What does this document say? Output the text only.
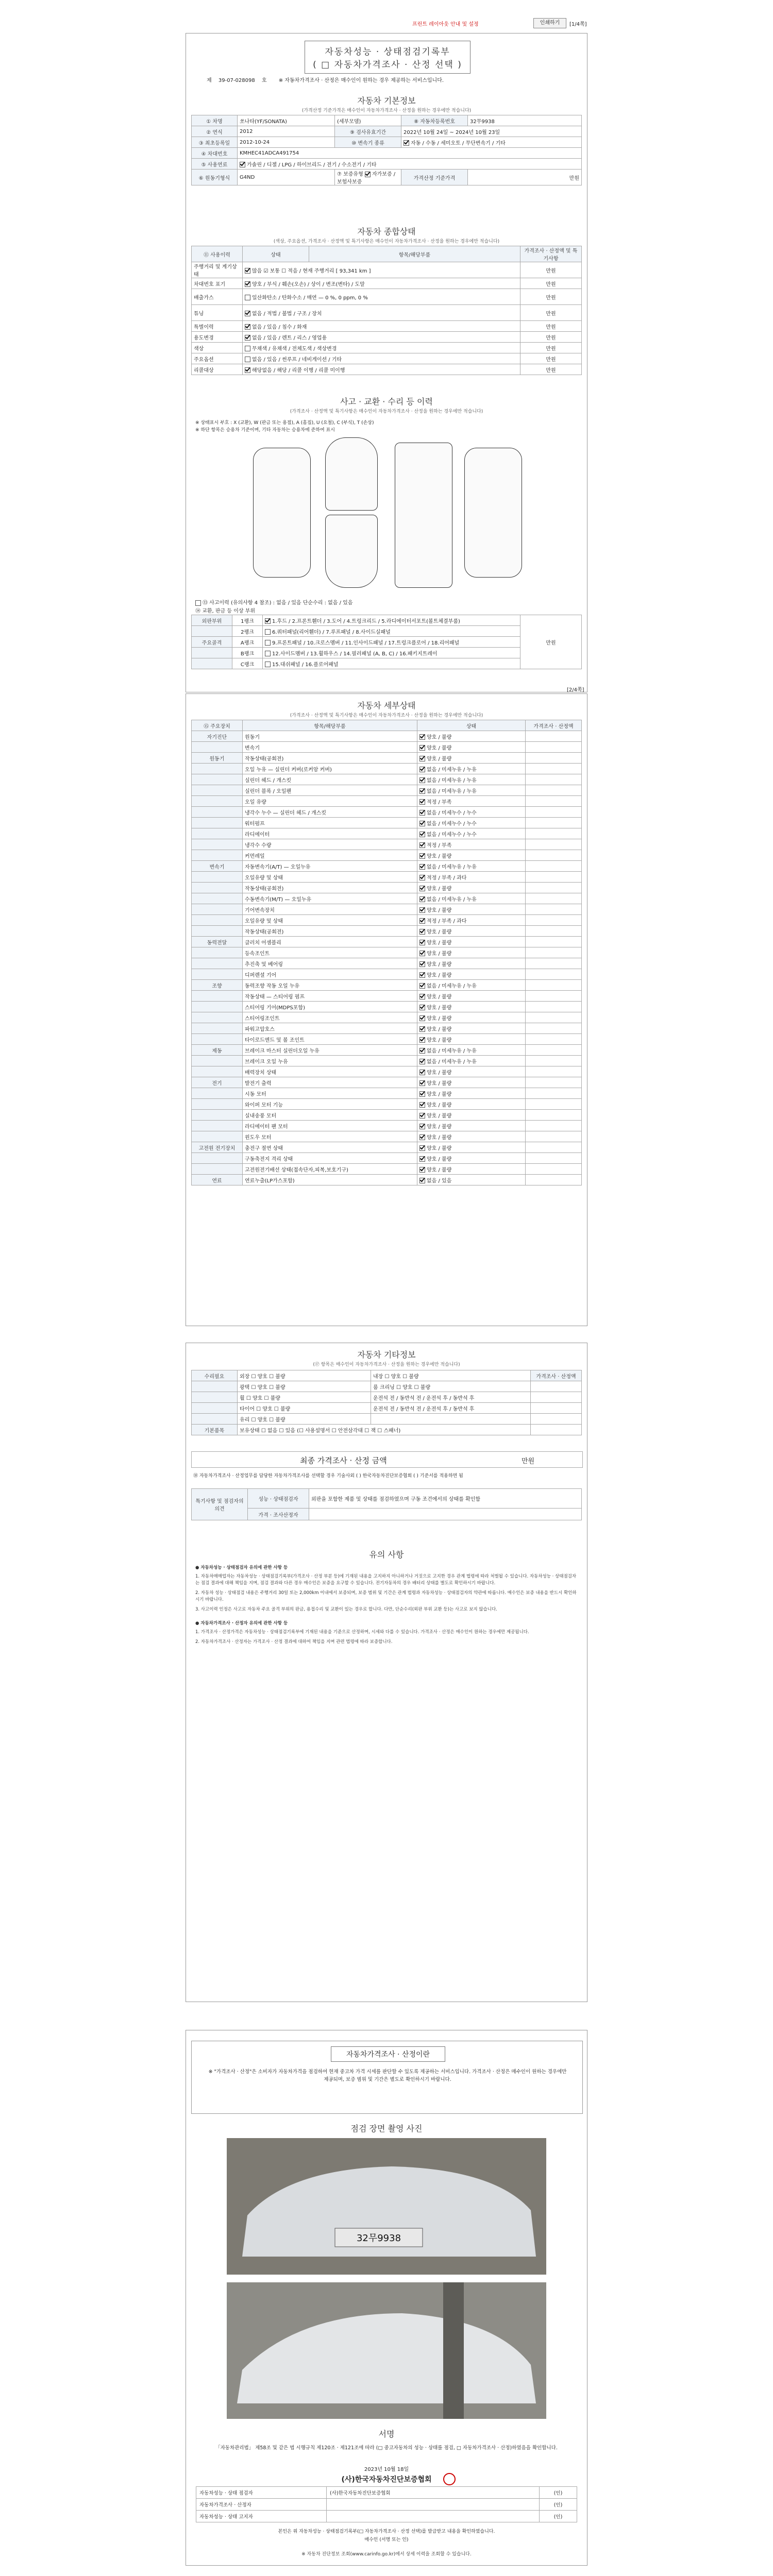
프린트 레이아웃 안내 및 설정	인쇄하기	[1/4쪽]
자동차성능 · 상태점검기록부
( □ 자동차가격조사 · 산정 선택 )
제 39-07-028098 호 ※ 자동차가격조사 · 산정은 매수인이 원하는 경우 제공하는 서비스입니다.
자동차 기본정보
(가격산정 기준가격은 매수인이 자동차가격조사 · 산정을 원하는 경우에만 적습니다)
① 차명	쏘나타(YF/SONATA)	(세부모델)	⑧ 자동차등록번호	32무9938
② 연식	2012	⑨ 검사유효기간	2022년 10월 24일 ~ 2024년 10월 23일	
③ 최초등록일	2012-10-24	⑩ 변속기 종류	자동 / 수동 / 세미오토 / 무단변속기 / 기타	
④ 차대번호	KMHEC41ADCA491754			
⑤ 사용연료	가솔린 / 디젤 / LPG / 하이브리드 / 전기 / 수소전기 / 기타			
⑥ 원동기형식	G4ND	⑦ 보증유형 자가보증 / 보험사보증	가격산정 기준가격	만원
자동차 종합상태
(색상, 주요옵션, 가격조사 · 산정액 및 특기사항은 매수인이 자동차가격조사 · 산정을 원하는 경우에만 적습니다)
⑪ 사용이력	상태	항목/해당부품	가격조사 · 산정액 및 특기사항
주행거리 및 계기상태	많음 ☑ 보통 ☐ 적음 / 현재 주행거리 [ 93,341 km ]		만원
차대번호 표기	양호 / 부식 / 훼손(오손) / 상이 / 변조(변타) / 도말		만원
배출가스	일산화탄소 / 탄화수소 / 매연 — 0 %, 0 ppm, 0 %		만원
튜닝	없음 / 적법 / 불법 / 구조 / 장치		만원
특별이력	없음 / 있음 / 침수 / 화재		만원
용도변경	없음 / 있음 / 렌트 / 리스 / 영업용		만원
색상	무채색 / 유채색 / 전체도색 / 색상변경		만원
주요옵션	없음 / 있음 / 썬루프 / 네비게이션 / 기타		만원
리콜대상	해당없음 / 해당 / 리콜 이행 / 리콜 미이행		만원
사고 · 교환 · 수리 등 이력
(가격조사 · 산정액 및 특기사항은 매수인이 자동차가격조사 · 산정을 원하는 경우에만 적습니다)
※ 상태표시 부호 : X (교환), W (판금 또는 용접), A (흠집), U (요철), C (부식), T (손상)
※ 하단 항목은 승용차 기준이며, 기타 자동차는 승용차에 준하여 표시
⑬ 사고이력 (유의사항 4 참조) : 없음 / 있음 단순수리 : 없음 / 있음
⑭ 교환, 판금 등 이상 부위
외판부위	1랭크	1.후드 / 2.프론트휀더 / 3.도어 / 4.트렁크리드 / 5.라디에이터서포트(볼트체결부품)	만원
	2랭크	6.쿼터패널(리어휀더) / 7.루프패널 / 8.사이드실패널	
주요골격	A랭크	9.프론트패널 / 10.크로스멤버 / 11.인사이드패널 / 17.트렁크플로어 / 18.리어패널	
	B랭크	12.사이드멤버 / 13.휠하우스 / 14.필러패널 (A, B, C) / 16.패키지트레이	
	C랭크	15.대쉬패널 / 16.플로어패널	
[2/4쪽]
자동차 세부상태
(가격조사 · 산정액 및 특기사항은 매수인이 자동차가격조사 · 산정을 원하는 경우에만 적습니다)
⑮ 주요장치	항목/해당부품	상태	가격조사 · 산정액
자기진단	원동기	양호 / 불량	
	변속기	양호 / 불량	
원동기	작동상태(공회전)	양호 / 불량	
	오일 누유 — 실린더 커버(로커암 커버)	없음 / 미세누유 / 누유	
	실린더 헤드 / 개스킷	없음 / 미세누유 / 누유	
	실린더 블록 / 오일팬	없음 / 미세누유 / 누유	
	오일 유량	적정 / 부족	
	냉각수 누수 — 실린더 헤드 / 개스킷	없음 / 미세누수 / 누수	
	워터펌프	없음 / 미세누수 / 누수	
	라디에이터	없음 / 미세누수 / 누수	
	냉각수 수량	적정 / 부족	
	커먼레일	양호 / 불량	
변속기	자동변속기(A/T) — 오일누유	없음 / 미세누유 / 누유	
	오일유량 및 상태	적정 / 부족 / 과다	
	작동상태(공회전)	양호 / 불량	
	수동변속기(M/T) — 오일누유	없음 / 미세누유 / 누유	
	기어변속장치	양호 / 불량	
	오일유량 및 상태	적정 / 부족 / 과다	
	작동상태(공회전)	양호 / 불량	
동력전달	클러치 어셈블리	양호 / 불량	
	등속조인트	양호 / 불량	
	추진축 및 베어링	양호 / 불량	
	디퍼렌셜 기어	양호 / 불량	
조향	동력조향 작동 오일 누유	없음 / 미세누유 / 누유	
	작동상태 — 스티어링 펌프	양호 / 불량	
	스티어링 기어(MDPS포함)	양호 / 불량	
	스티어링조인트	양호 / 불량	
	파워고압호스	양호 / 불량	
	타이로드엔드 및 볼 조인트	양호 / 불량	
제동	브레이크 마스터 실린더오일 누유	없음 / 미세누유 / 누유	
	브레이크 오일 누유	없음 / 미세누유 / 누유	
	배력장치 상태	양호 / 불량	
전기	발전기 출력	양호 / 불량	
	시동 모터	양호 / 불량	
	와이퍼 모터 기능	양호 / 불량	
	실내송풍 모터	양호 / 불량	
	라디에이터 팬 모터	양호 / 불량	
	윈도우 모터	양호 / 불량	
고전원 전기장치	충전구 절연 상태	양호 / 불량	
	구동축전지 격리 상태	양호 / 불량	
	고전원전기배선 상태(접속단자,피복,보호기구)	양호 / 불량	
연료	연료누출(LP가스포함)	없음 / 있음	
자동차 기타정보
(⑰ 항목은 매수인이 자동차가격조사 · 산정을 원하는 경우에만 적습니다)
수리필요	외장 ☐ 양호 ☐ 불량	내장 ☐ 양호 ☐ 불량	가격조사 · 산정액
	광택 ☐ 양호 ☐ 불량	룸 크리닝 ☐ 양호 ☐ 불량	
	휠 ☐ 양호 ☐ 불량	운전석 전 / 동반석 전 / 운전석 후 / 동반석 후	
	타이어 ☐ 양호 ☐ 불량	운전석 전 / 동반석 전 / 운전석 후 / 동반석 후	
	유리 ☐ 양호 ☐ 불량		
기본품목	보유상태 ☐ 없음 ☐ 있음 (☐ 사용설명서 ☐ 안전삼각대 ☐ 잭 ☐ 스패너)		
최종 가격조사 · 산정 금액	만원
⑱ 자동차가격조사 · 산정업무를 담당한 자동차가격조사를 선택할 경우 기술사외 ( ) 한국자동차진단보증협회 ( ) 기준서를 적용하면 됨
특기사항 및 점검자의 의견	성능 · 상태점검자	외판을 포함한 제품 및 상태를 점검하였으며 구동 조건에서의 상태를 확인함
	가격 · 조사산정자	
유의 사항
● 자동차성능 · 상태점검자 유의에 관한 사항 등
1. 자동차매매업자는 자동차성능 · 상태점검기록부(가격조사 · 산정 부분 등)에 기재된 내용을 고지하지 아니하거나 거짓으로 고지한 경우 관계 법령에 따라 처벌될 수 있습니다. 자동차성능 · 상태점검자는 점검 결과에 대해 책임을 지며, 점검 결과와 다른 경우 매수인은 보증을 요구할 수 있습니다. 전기자동차의 경우 배터리 상태를 별도로 확인하시기 바랍니다.
2. 자동차 성능 · 상태점검 내용은 주행거리 30일 또는 2,000km 이내에서 보증되며, 보증 범위 및 기간은 관계 법령과 자동차성능 · 상태점검자의 약관에 따릅니다. 매수인은 보증 내용을 반드시 확인하시기 바랍니다.
3. 사고이력 인정은 사고로 자동차 주요 골격 부위의 판금, 용접수리 및 교환이 있는 경우로 합니다. 다만, 단순수리(외판 부위 교환 등)는 사고로 보지 않습니다.
● 자동차가격조사 · 산정자 유의에 관한 사항 등
1. 가격조사 · 산정가격은 자동차성능 · 상태점검기록부에 기재된 내용을 기준으로 산정하며, 시세와 다를 수 있습니다. 가격조사 · 산정은 매수인이 원하는 경우에만 제공됩니다.
2. 자동차가격조사 · 산정자는 가격조사 · 산정 결과에 대하여 책임을 지며 관련 법령에 따라 보증합니다.
자동차가격조사 · 산정이란
※ "가격조사 · 산정"은 소비자가 자동차가격을 점검하여 현재 중고차 가격 시세를 판단할 수 있도록 제공하는 서비스입니다. 가격조사 · 산정은 매수인이 원하는 경우에만 제공되며, 보증 범위 및 기간은 별도로 확인하시기 바랍니다.
점검 장면 촬영 사진
32무9938
서명
「자동차관리법」 제58조 및 같은 법 시행규칙 제120조 · 제121조에 따라 (□ 중고자동차의 성능 · 상태를 점검, □ 자동차가격조사 · 산정)하였음을 확인합니다.
2023년 10월 18일
(사)한국자동차진단보증협회
자동차성능 · 상태 점검자	(사)한국자동차진단보증협회	(인)
자동차가격조사 · 산정자		(인)
자동차성능 · 상태 고지자		(인)
본인은 위 자동차성능 · 상태점검기록부(□ 자동차가격조사 · 산정 선택)를 발급받고 내용을 확인하였습니다.
매수인 (서명 또는 인)
※ 자동차 진단정보 조회(www.carinfo.go.kr)에서 상세 이력을 조회할 수 있습니다.
